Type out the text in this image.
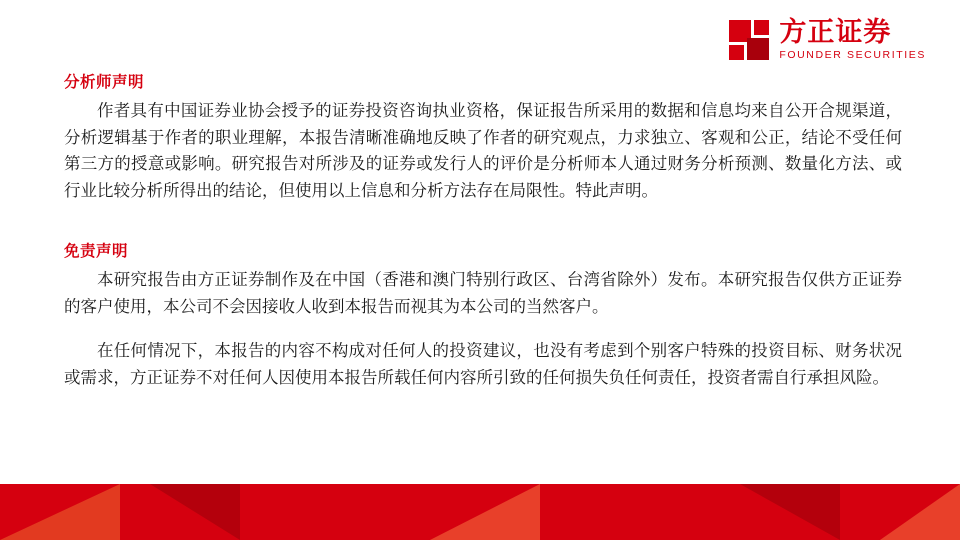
方正证券
FOUNDER SECURITIES
分析师声明

作者具有中国证券业协会授予的证券投资咨询执业资格，保证报告所采用的数据和信息均来自公开合规渠道，分析逻辑基于作者的职业理解，本报告清晰准确地反映了作者的研究观点，力求独立、客观和公正，结论不受任何第三方的授意或影响。研究报告对所涉及的证券或发行人的评价是分析师本人通过财务分析预测、数量化方法、或行业比较分析所得出的结论，但使用以上信息和分析方法存在局限性。特此声明。

免责声明

本研究报告由方正证券制作及在中国（香港和澳门特别行政区、台湾省除外）发布。本研究报告仅供方正证券的客户使用，本公司不会因接收人收到本报告而视其为本公司的当然客户。

在任何情况下，本报告的内容不构成对任何人的投资建议，也没有考虑到个别客户特殊的投资目标、财务状况或需求，方正证券不对任何人因使用本报告所载任何内容所引致的任何损失负任何责任，投资者需自行承担风险。
